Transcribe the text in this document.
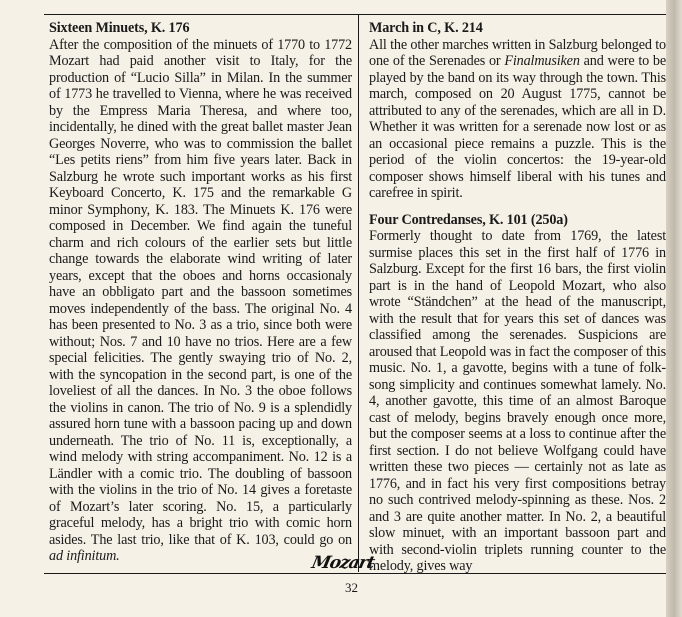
Sixteen Minuets, K. 176

After the composition of the minuets of 1770 to 1772 Mozart had paid another visit to Italy, for the production of “Lucio Silla” in Milan. In the summer of 1773 he travelled to Vienna, where he was received by the Empress Maria Theresa, and where too, incidentally, he dined with the great ballet master Jean Georges Noverre, who was to commission the ballet “Les petits riens” from him five years later. Back in Salzburg he wrote such important works as his first Keyboard Concerto, K. 175 and the remarkable G minor Symphony, K. 183. The Minuets K. 176 were composed in December. We find again the tuneful charm and rich colours of the earlier sets but little change towards the elaborate wind writing of later years, except that the oboes and horns occasionaly have an obbligato part and the bassoon sometimes moves independently of the bass. The original No. 4 has been presented to No. 3 as a trio, since both were without; Nos. 7 and 10 have no trios. Here are a few special felicities. The gently swaying trio of No. 2, with the syncopation in the second part, is one of the loveliest of all the dances. In No. 3 the oboe follows the violins in canon. The trio of No. 9 is a splendidly assured horn tune with a bassoon pacing up and down underneath. The trio of No. 11 is, exceptionally, a wind melody with string accompaniment. No. 12 is a Ländler with a comic trio. The doubling of bassoon with the violins in the trio of No. 14 gives a foretaste of Mozart’s later scoring. No. 15, a particularly graceful melody, has a bright trio with comic horn asides. The last trio, like that of K. 103, could go on ad infinitum.

March in C, K. 214

All the other marches written in Salzburg belonged to one of the Serenades or Finalmusiken and were to be played by the band on its way through the town. This march, composed on 20 August 1775, cannot be attributed to any of the serenades, which are all in D. Whether it was written for a serenade now lost or as an occasional piece remains a puzzle. This is the period of the violin concertos: the 19-year-old composer shows himself liberal with his tunes and carefree in spirit.

Four Contredanses, K. 101 (250a)

Formerly thought to date from 1769, the latest surmise places this set in the first half of 1776 in Salzburg. Except for the first 16 bars, the first violin part is in the hand of Leopold Mozart, who also wrote “Ständchen” at the head of the manuscript, with the result that for years this set of dances was classified among the serenades. Suspicions are aroused that Leopold was in fact the composer of this music. No. 1, a gavotte, begins with a tune of folk-song simplicity and continues somewhat lamely. No. 4, another gavotte, this time of an almost Baroque cast of melody, begins bravely enough once more, but the composer seems at a loss to continue after the first section. I do not believe Wolfgang could have written these two pieces — certainly not as late as 1776, and in fact his very first compositions betray no such contrived melody-spinning as these. Nos. 2 and 3 are quite another matter. In No. 2, a beautiful slow minuet, with an important bassoon part and with second-violin triplets running counter to the melody, gives way

Mozart
32
